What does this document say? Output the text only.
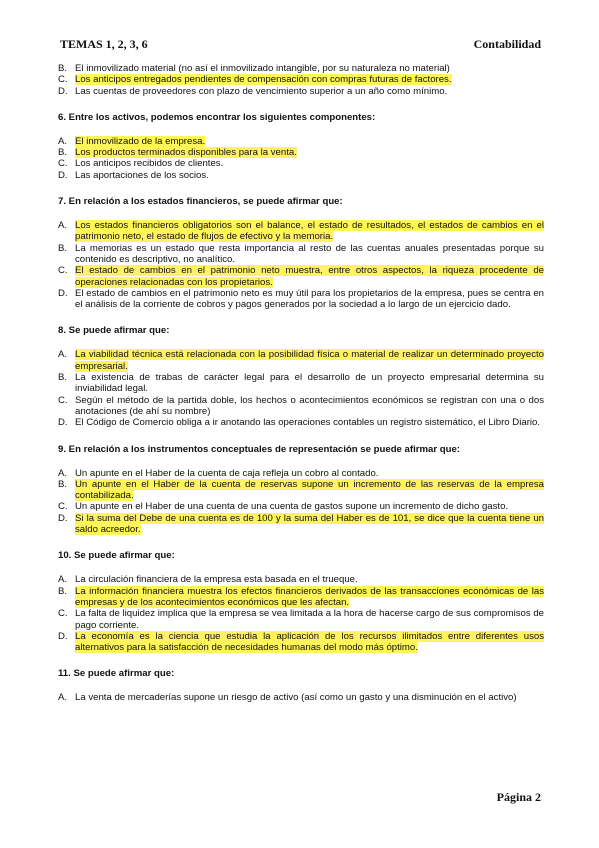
TEMAS 1, 2, 3, 6	Contabilidad
B. El inmovilizado material (no así el inmovilizado intangible, por su naturaleza no material)
C. Los anticipos entregados pendientes de compensación con compras futuras de factores.
D. Las cuentas de proveedores con plazo de vencimiento superior a un año como mínimo.

6. Entre los activos, podemos encontrar los siguientes componentes:

A. El inmovilizado de la empresa.
B. Los productos terminados disponibles para la venta.
C. Los anticipos recibidos de clientes.
D. Las aportaciones de los socios.

7. En relación a los estados financieros, se puede afirmar que:

A. Los estados financieros obligatorios son el balance, el estado de resultados, el estados de cambios en el patrimonio neto, el estado de flujos de efectivo y la memoria.
B. La memorias es un estado que resta importancia al resto de las cuentas anuales presentadas porque su contenido es descriptivo, no analítico.
C. El estado de cambios en el patrimonio neto muestra, entre otros aspectos, la riqueza procedente de operaciones relacionadas con los propietarios.
D. El estado de cambios en el patrimonio neto es muy útil para los propietarios de la empresa, pues se centra en el análisis de la corriente de cobros y pagos generados por la sociedad a lo largo de un ejercicio dado.

8. Se puede afirmar que:

A. La viabilidad técnica está relacionada con la posibilidad física o material de realizar un determinado proyecto empresarial.
B. La existencia de trabas de carácter legal para el desarrollo de un proyecto empresarial determina su inviabilidad legal.
C. Según el método de la partida doble, los hechos o acontecimientos económicos se registran con una o dos anotaciones (de ahí su nombre)
D. El Código de Comercio obliga a ir anotando las operaciones contables un registro sistemático, el Libro Diario.

9. En relación a los instrumentos conceptuales de representación se puede afirmar que:

A. Un apunte en el Haber de la cuenta de caja refleja un cobro al contado.
B. Un apunte en el Haber de la cuenta de reservas supone un incremento de las reservas de la empresa contabilizada.
C. Un apunte en el Haber de una cuenta de una cuenta de gastos supone un incremento de dicho gasto.
D. Si la suma del Debe de una cuenta es de 100 y la suma del Haber es de 101, se dice que la cuenta tiene un saldo acreedor.

10. Se puede afirmar que:

A. La circulación financiera de la empresa esta basada en el trueque.
B. La información financiera muestra los efectos financieros derivados de las transacciones económicas de las empresas y de los acontecimientos económicos que les afectan.
C. La falta de liquidez implica que la empresa se vea limitada a la hora de hacerse cargo de sus compromisos de pago corriente.
D. La economía es la ciencia que estudia la aplicación de los recursos ilimitados entre diferentes usos alternativos para la satisfacción de necesidades humanas del modo más óptimo.

11. Se puede afirmar que:

A. La venta de mercaderías supone un riesgo de activo (así como un gasto y una disminución en el activo)
Página 2
